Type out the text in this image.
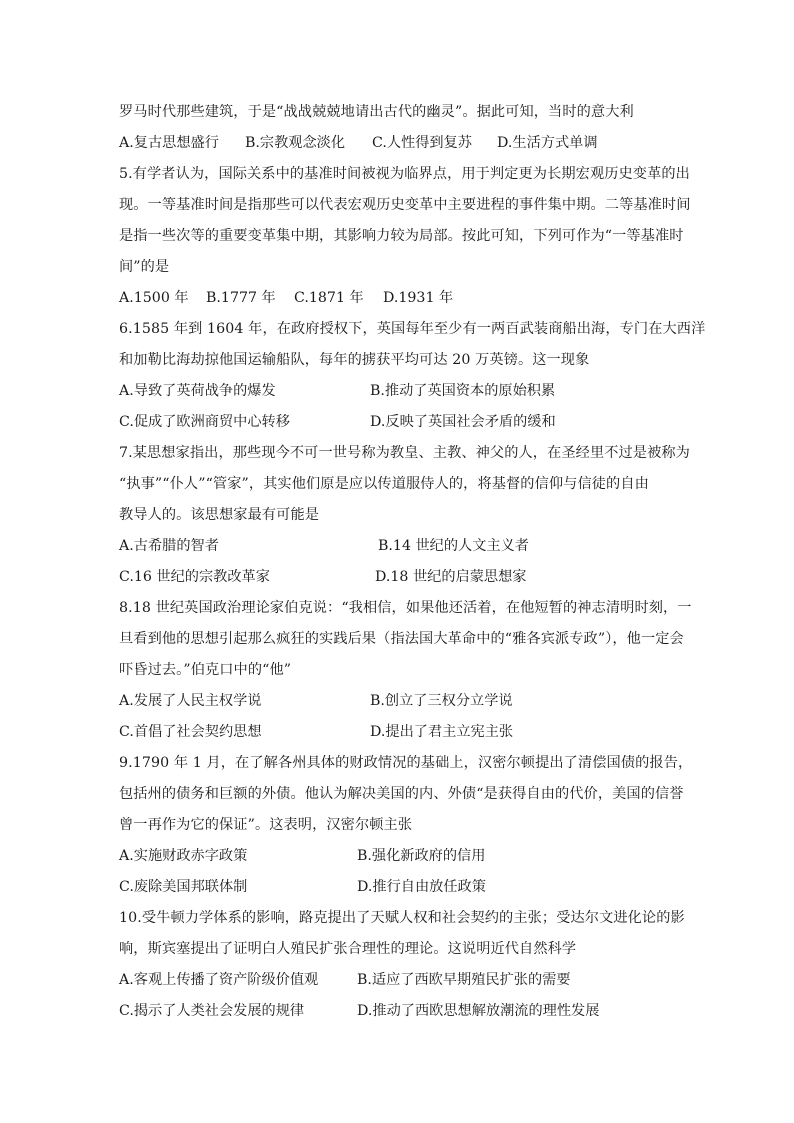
罗马时代那些建筑，于是“战战兢兢地请出古代的幽灵”。据此可知，当时的意大利
A.复古思想盛行 B.宗教观念淡化 C.人性得到复苏 D.生活方式单调
5.有学者认为，国际关系中的基准时间被视为临界点，用于判定更为长期宏观历史变革的出
现。一等基准时间是指那些可以代表宏观历史变革中主要进程的事件集中期。二等基准时间
是指一些次等的重要变革集中期，其影响力较为局部。按此可知，下列可作为“一等基准时
间”的是
A.1500 年 B.1777 年 C.1871 年 D.1931 年
6.1585 年到 1604 年，在政府授权下，英国每年至少有一两百武装商船出海，专门在大西洋
和加勒比海劫掠他国运输船队，每年的掳获平均可达 20 万英镑。这一现象
A.导致了英荷战争的爆发	B.推动了英国资本的原始积累
C.促成了欧洲商贸中心转移	D.反映了英国社会矛盾的缓和
7.某思想家指出，那些现今不可一世号称为教皇、主教、神父的人，在圣经里不过是被称为
“执事”“仆人”“管家”，其实他们原是应以传道服侍人的，将基督的信仰与信徒的自由
教导人的。该思想家最有可能是
A.古希腊的智者	B.14 世纪的人文主义者
C.16 世纪的宗教改革家	D.18 世纪的启蒙思想家
8.18 世纪英国政治理论家伯克说：“我相信，如果他还活着，在他短暂的神志清明时刻，一
旦看到他的思想引起那么疯狂的实践后果（指法国大革命中的“雅各宾派专政”），他一定会
吓昏过去。”伯克口中的“他”
A.发展了人民主权学说	B.创立了三权分立学说
C.首倡了社会契约思想	D.提出了君主立宪主张
9.1790 年 1 月，在了解各州具体的财政情况的基础上，汉密尔顿提出了清偿国债的报告，
包括州的债务和巨额的外债。他认为解决美国的内、外债“是获得自由的代价，美国的信誉
曾一再作为它的保证”。这表明，汉密尔顿主张
A.实施财政赤字政策	B.强化新政府的信用
C.废除美国邦联体制	D.推行自由放任政策
10.受牛顿力学体系的影响，路克提出了天赋人权和社会契约的主张；受达尔文进化论的影
响，斯宾塞提出了证明白人殖民扩张合理性的理论。这说明近代自然科学
A.客观上传播了资产阶级价值观	B.适应了西欧早期殖民扩张的需要
C.揭示了人类社会发展的规律	D.推动了西欧思想解放潮流的理性发展
